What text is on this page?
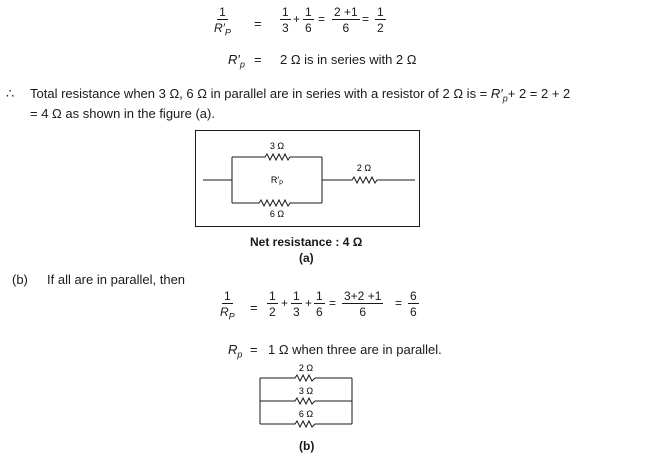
$\frac{1}{R'_P} = \frac{1}{3} + \frac{1}{6} = \frac{2 +1}{6} = \frac{1}{2}$
$R'_p = 2$ Ω is in series with 2 Ω
∴ Total resistance when 3 Ω, 6 Ω in parallel are in series with a resistor of 2 Ω is = $R'_p+ 2 = 2 + 2$
= 4 Ω as shown in the figure (a).
3 Ω
$R'_P$
6 Ω
2 Ω
Net resistance : 4 Ω
(a)
(b) If all are in parallel, then
$\frac{1}{R_P} = \frac{1}{2} + \frac{1}{3} + \frac{1}{6} = \frac{3+2 +1}{6} = \frac{6}{6}$
$R_p = 1$ Ω when three are in parallel.
2 Ω
3 Ω
6 Ω
(b)
